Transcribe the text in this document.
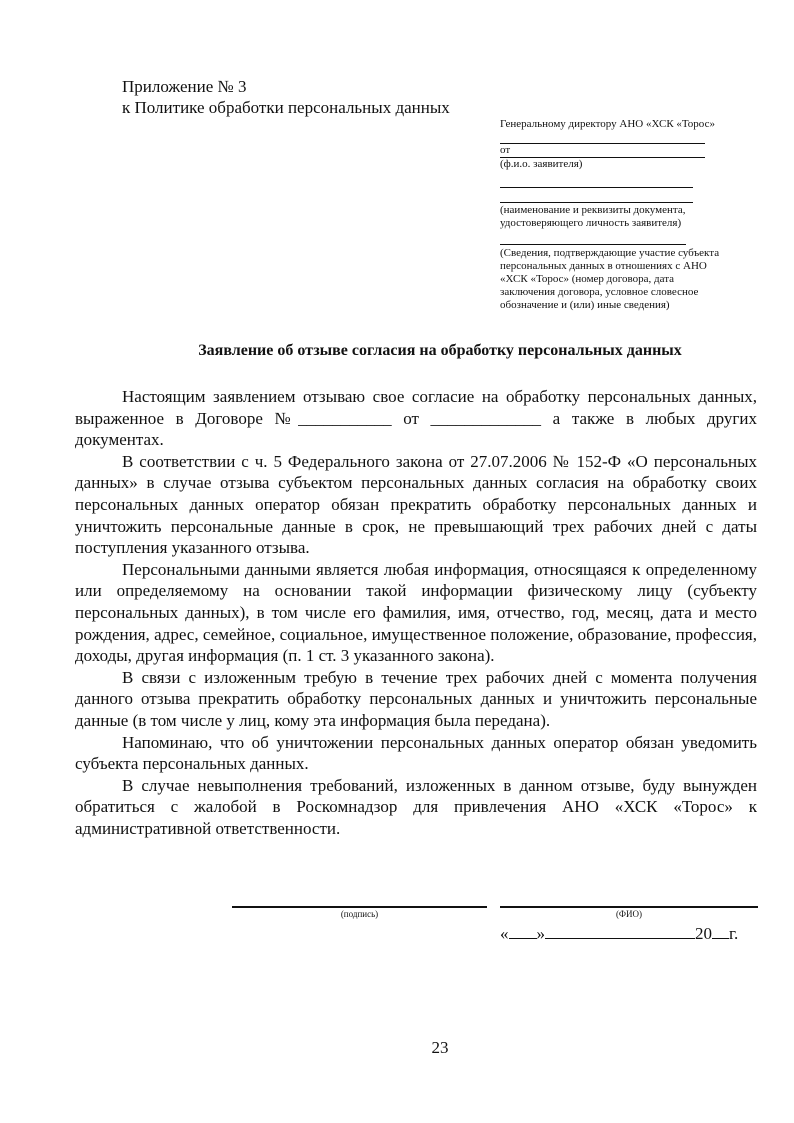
Приложение № 3
к Политике обработки персональных данных
Генеральному директору АНО «ХСК «Торос»
от
(ф.и.о. заявителя)
(наименование и реквизиты документа,
удостоверяющего личность заявителя)
(Сведения, подтверждающие участие субъекта
персональных данных в отношениях с АНО
«ХСК «Торос» (номер договора, дата
заключения договора, условное словесное
обозначение и (или) иные сведения)
Заявление об отзыве согласия на обработку персональных данных

Настоящим заявлением отзываю свое согласие на обработку персональных данных, выраженное в Договоре №___________ от _____________ а также в любых других документах.

В соответствии с ч. 5 Федерального закона от 27.07.2006 № 152-Ф «О персональных данных» в случае отзыва субъектом персональных данных согласия на обработку своих персональных данных оператор обязан прекратить обработку персональных данных и уничтожить персональные данные в срок, не превышающий трех рабочих дней с даты поступления указанного отзыва.

Персональными данными является любая информация, относящаяся к определенному или определяемому на основании такой информации физическому лицу (субъекту персональных данных), в том числе его фамилия, имя, отчество, год, месяц, дата и место рождения, адрес, семейное, социальное, имущественное положение, образование, профессия, доходы, другая информация (п. 1 ст. 3 указанного закона).

В связи с изложенным требую в течение трех рабочих дней с момента получения данного отзыва прекратить обработку персональных данных и уничтожить персональные данные (в том числе у лиц, кому эта информация была передана).

Напоминаю, что об уничтожении персональных данных оператор обязан уведомить субъекта персональных данных.

В случае невыполнения требований, изложенных в данном отзыве, буду вынужден обратиться с жалобой в Роскомнадзор для привлечения АНО «ХСК «Торос» к административной ответственности.

(подпись)	(ФИО)
« »	20 г.
23
